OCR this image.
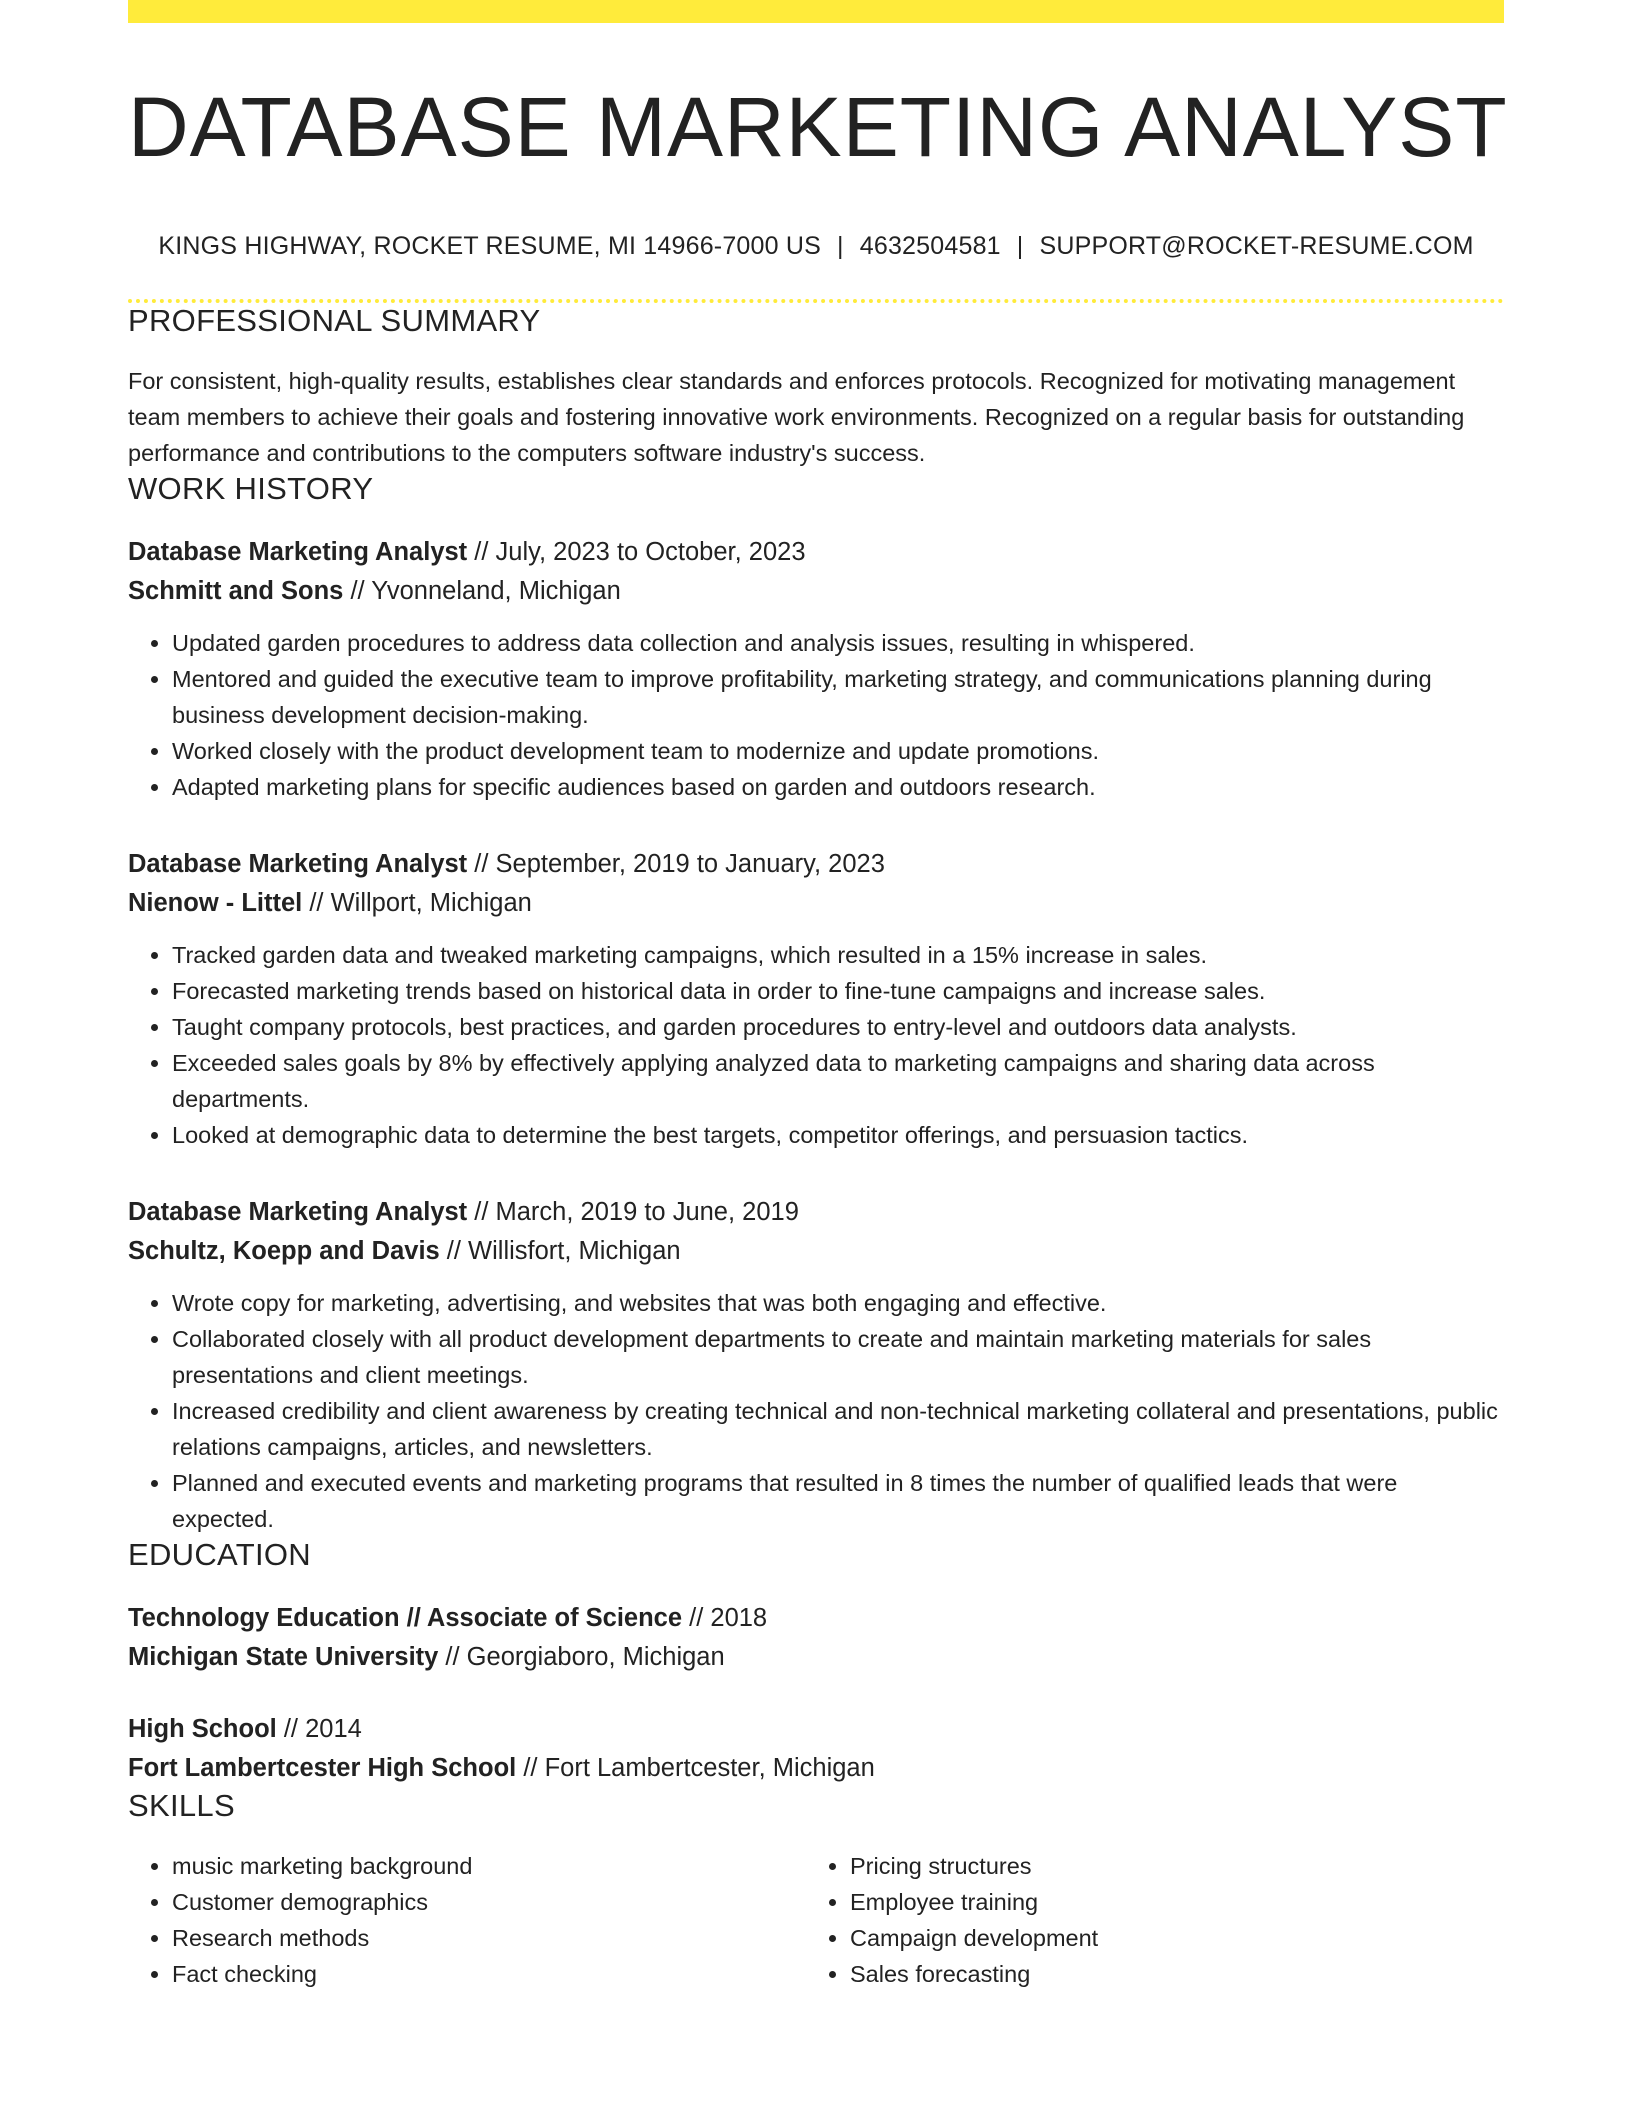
DATABASE MARKETING ANALYST
KINGS HIGHWAY, ROCKET RESUME, MI 14966-7000 US | 4632504581 | SUPPORT@ROCKET-RESUME.COM
PROFESSIONAL SUMMARY

For consistent, high-quality results, establishes clear standards and enforces protocols. Recognized for motivating management team members to achieve their goals and fostering innovative work environments. Recognized on a regular basis for outstanding performance and contributions to the computers software industry's success.

WORK HISTORY
Database Marketing Analyst // July, 2023 to October, 2023
Schmitt and Sons // Yvonneland, Michigan
• Updated garden procedures to address data collection and analysis issues, resulting in whispered.
• Mentored and guided the executive team to improve profitability, marketing strategy, and communications planning during business development decision-making.
• Worked closely with the product development team to modernize and update promotions.
• Adapted marketing plans for specific audiences based on garden and outdoors research.
Database Marketing Analyst // September, 2019 to January, 2023
Nienow - Littel // Willport, Michigan
• Tracked garden data and tweaked marketing campaigns, which resulted in a 15% increase in sales.
• Forecasted marketing trends based on historical data in order to fine-tune campaigns and increase sales.
• Taught company protocols, best practices, and garden procedures to entry-level and outdoors data analysts.
• Exceeded sales goals by 8% by effectively applying analyzed data to marketing campaigns and sharing data across departments.
• Looked at demographic data to determine the best targets, competitor offerings, and persuasion tactics.
Database Marketing Analyst // March, 2019 to June, 2019
Schultz, Koepp and Davis // Willisfort, Michigan
• Wrote copy for marketing, advertising, and websites that was both engaging and effective.
• Collaborated closely with all product development departments to create and maintain marketing materials for sales presentations and client meetings.
• Increased credibility and client awareness by creating technical and non-technical marketing collateral and presentations, public relations campaigns, articles, and newsletters.
• Planned and executed events and marketing programs that resulted in 8 times the number of qualified leads that were expected.
EDUCATION
Technology Education // Associate of Science // 2018
Michigan State University // Georgiaboro, Michigan
High School // 2014
Fort Lambertcester High School // Fort Lambertcester, Michigan
SKILLS
• music marketing background
• Customer demographics
• Research methods
• Fact checking
• Pricing structures
• Employee training
• Campaign development
• Sales forecasting
